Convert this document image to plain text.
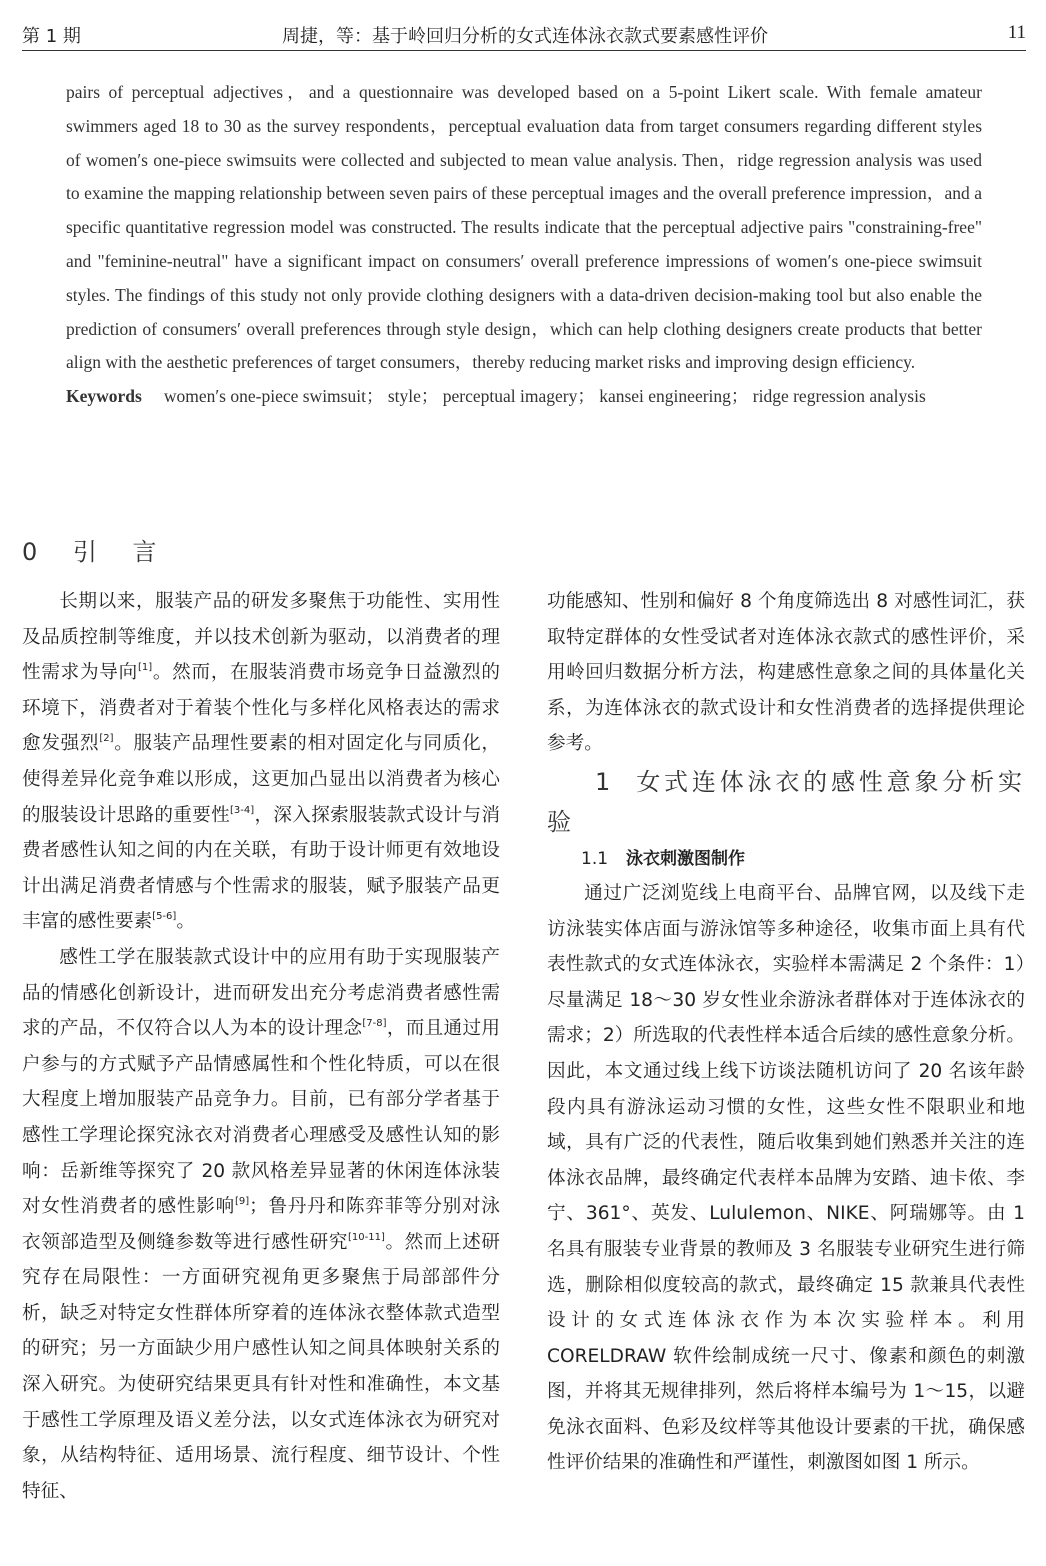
第 1 期	周捷，等：基于岭回归分析的女式连体泳衣款式要素感性评价	11

pairs of perceptual adjectives，and a questionnaire was developed based on a 5-point Likert scale. With female amateur swimmers aged 18 to 30 as the survey respondents，perceptual evaluation data from target consumers regarding different styles of women′s one-piece swimsuits were collected and subjected to mean value analysis. Then，ridge regression analysis was used to examine the mapping relationship between seven pairs of these perceptual images and the overall preference impression，and a specific quantitative regression model was constructed. The results indicate that the perceptual adjective pairs "constraining-free" and "feminine-neutral" have a significant impact on consumers′ overall preference impressions of women′s one-piece swimsuit styles. The findings of this study not only provide clothing designers with a data-driven decision-making tool but also enable the prediction of consumers′ overall preferences through style design，which can help clothing designers create products that better align with the aesthetic preferences of target consumers，thereby reducing market risks and improving design efficiency.

Keywords women′s one-piece swimsuit； style； perceptual imagery； kansei engineering； ridge regression analysis

0 引 言

长期以来，服装产品的研发多聚焦于功能性、实用性及品质控制等维度，并以技术创新为驱动，以消费者的理性需求为导向[1]。然而，在服装消费市场竞争日益激烈的环境下，消费者对于着装个性化与多样化风格表达的需求愈发强烈[2]。服装产品理性要素的相对固定化与同质化，使得差异化竞争难以形成，这更加凸显出以消费者为核心的服装设计思路的重要性[3-4]，深入探索服装款式设计与消费者感性认知之间的内在关联，有助于设计师更有效地设计出满足消费者情感与个性需求的服装，赋予服装产品更丰富的感性要素[5-6]。

感性工学在服装款式设计中的应用有助于实现服装产品的情感化创新设计，进而研发出充分考虑消费者感性需求的产品，不仅符合以人为本的设计理念[7-8]，而且通过用户参与的方式赋予产品情感属性和个性化特质，可以在很大程度上增加服装产品竞争力。目前，已有部分学者基于感性工学理论探究泳衣对消费者心理感受及感性认知的影响：岳新维等探究了 20 款风格差异显著的休闲连体泳装对女性消费者的感性影响[9]；鲁丹丹和陈弈菲等分别对泳衣领部造型及侧缝参数等进行感性研究[10-11]。然而上述研究存在局限性：一方面研究视角更多聚焦于局部部件分析，缺乏对特定女性群体所穿着的连体泳衣整体款式造型的研究；另一方面缺少用户感性认知之间具体映射关系的深入研究。为使研究结果更具有针对性和准确性，本文基于感性工学原理及语义差分法，以女式连体泳衣为研究对象，从结构特征、适用场景、流行程度、细节设计、个性特征、

功能感知、性别和偏好 8 个角度筛选出 8 对感性词汇，获取特定群体的女性受试者对连体泳衣款式的感性评价，采用岭回归数据分析方法，构建感性意象之间的具体量化关系，为连体泳衣的款式设计和女性消费者的选择提供理论参考。

1 女式连体泳衣的感性意象分析实验

1.1 泳衣刺激图制作

通过广泛浏览线上电商平台、品牌官网，以及线下走访泳装实体店面与游泳馆等多种途径，收集市面上具有代表性款式的女式连体泳衣，实验样本需满足 2 个条件：1）尽量满足 18～30 岁女性业余游泳者群体对于连体泳衣的需求；2）所选取的代表性样本适合后续的感性意象分析。因此，本文通过线上线下访谈法随机访问了 20 名该年龄段内具有游泳运动习惯的女性，这些女性不限职业和地域，具有广泛的代表性，随后收集到她们熟悉并关注的连体泳衣品牌，最终确定代表样本品牌为安踏、迪卡侬、李宁、361°、英发、Lululemon、NIKE、阿瑞娜等。由 1 名具有服装专业背景的教师及 3 名服装专业研究生进行筛选，删除相似度较高的款式，最终确定 15 款兼具代表性设计的女式连体泳衣作为本次实验样本。利用 CORELDRAW 软件绘制成统一尺寸、像素和颜色的刺激图，并将其无规律排列，然后将样本编号为 1～15，以避免泳衣面料、色彩及纹样等其他设计要素的干扰，确保感性评价结果的准确性和严谨性，刺激图如图 1 所示。
